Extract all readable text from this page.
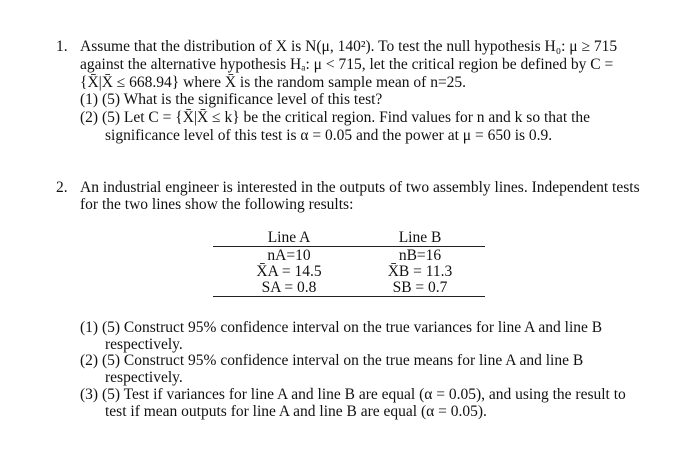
1. Assume that the distribution of X is N(μ, 140²). To test the null hypothesis H₀: μ ≥ 715
against the alternative hypothesis Hₐ: μ < 715, let the critical region be defined by C =
{X̄|X̄ ≤ 668.94} where X̄ is the random sample mean of n=25.
(1) (5) What is the significance level of this test?
(2) (5) Let C = {X̄|X̄ ≤ k} be the critical region. Find values for n and k so that the
significance level of this test is α = 0.05 and the power at μ = 650 is 0.9.
2. An industrial engineer is interested in the outputs of two assembly lines. Independent tests
for the two lines show the following results:
Line A	Line B
nA=10	nB=16
X̄A = 14.5	X̄B = 11.3
SA = 0.8	SB = 0.7
(1) (5) Construct 95% confidence interval on the true variances for line A and line B
respectively.
(2) (5) Construct 95% confidence interval on the true means for line A and line B
respectively.
(3) (5) Test if variances for line A and line B are equal (α = 0.05), and using the result to
test if mean outputs for line A and line B are equal (α = 0.05).
